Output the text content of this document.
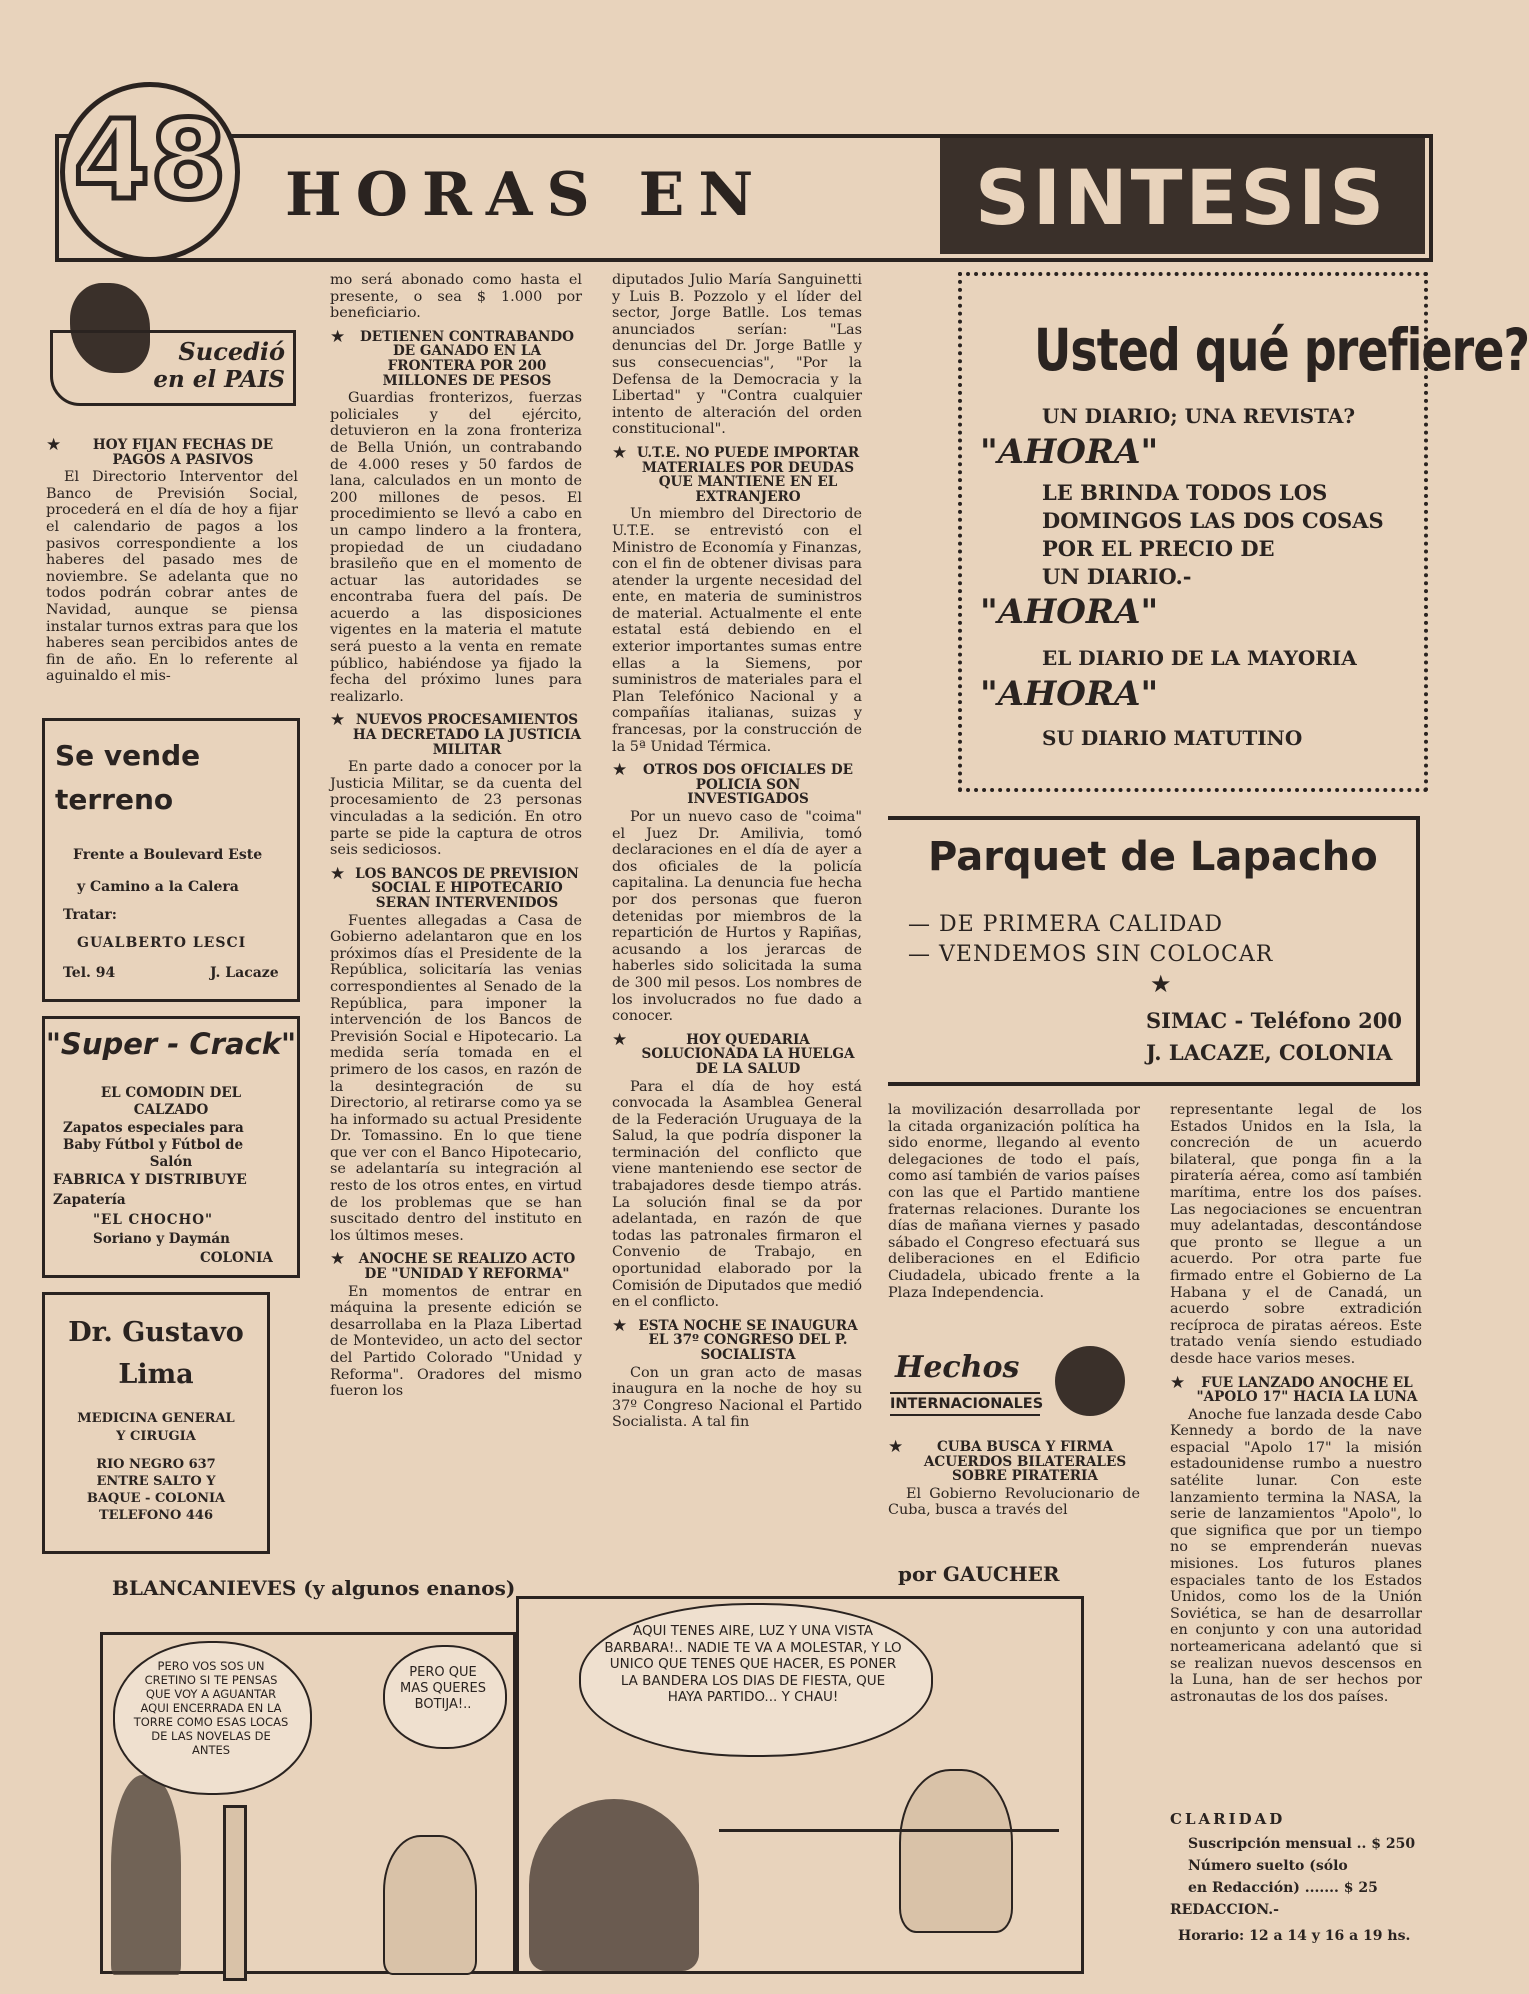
48 HORAS EN	SINTESIS
Sucedió
en el PAIS
★ HOY FIJAN FECHAS DE PAGOS A PASIVOS

El Directorio Interventor del Banco de Previsión Social, procederá en el día de hoy a fijar el calendario de pagos a los pasivos correspondiente a los haberes del pasado mes de noviembre. Se adelanta que no todos podrán cobrar antes de Navidad, aunque se piensa instalar turnos extras para que los haberes sean percibidos antes de fin de año. En lo referente al aguinaldo el mis-

Se vende
terreno
Frente a Boulevard Este
y Camino a la Calera
Tratar:
GUALBERTO LESCI
Tel. 94	J. Lacaze
"Super - Crack"
EL COMODIN DEL
CALZADO
Zapatos especiales para
Baby Fútbol y Fútbol de
Salón
FABRICA Y DISTRIBUYE
Zapatería
"EL CHOCHO"
Soriano y Daymán
COLONIA
Dr. Gustavo
Lima
MEDICINA GENERAL
Y CIRUGIA
RIO NEGRO 637
ENTRE SALTO Y
BAQUE - COLONIA
TELEFONO 446

mo será abonado como hasta el presente, o sea $ 1.000 por beneficiario.

★ DETIENEN CONTRABANDO DE GANADO EN LA FRONTERA POR 200 MILLONES DE PESOS

Guardias fronterizos, fuerzas policiales y del ejército, detuvieron en la zona fronteriza de Bella Unión, un contrabando de 4.000 reses y 50 fardos de lana, calculados en un monto de 200 millones de pesos. El procedimiento se llevó a cabo en un campo lindero a la frontera, propiedad de un ciudadano brasileño que en el momento de actuar las autoridades se encontraba fuera del país. De acuerdo a las disposiciones vigentes en la materia el matute será puesto a la venta en remate público, habiéndose ya fijado la fecha del próximo lunes para realizarlo.

★ NUEVOS PROCESAMIENTOS HA DECRETADO LA JUSTICIA MILITAR

En parte dado a conocer por la Justicia Militar, se da cuenta del procesamiento de 23 personas vinculadas a la sedición. En otro parte se pide la captura de otros seis sediciosos.

★ LOS BANCOS DE PREVISION SOCIAL E HIPOTECARIO SERAN INTERVENIDOS

Fuentes allegadas a Casa de Gobierno adelantaron que en los próximos días el Presidente de la República, solicitaría las venias correspondientes al Senado de la República, para imponer la intervención de los Bancos de Previsión Social e Hipotecario. La medida sería tomada en el primero de los casos, en razón de la desintegración de su Directorio, al retirarse como ya se ha informado su actual Presidente Dr. Tomassino. En lo que tiene que ver con el Banco Hipotecario, se adelantaría su integración al resto de los otros entes, en virtud de los problemas que se han suscitado dentro del instituto en los últimos meses.

★ ANOCHE SE REALIZO ACTO DE "UNIDAD Y REFORMA"

En momentos de entrar en máquina la presente edición se desarrollaba en la Plaza Libertad de Montevideo, un acto del sector del Partido Colorado "Unidad y Reforma". Oradores del mismo fueron los

diputados Julio María Sanguinetti y Luis B. Pozzolo y el líder del sector, Jorge Batlle. Los temas anunciados serían: "Las denuncias del Dr. Jorge Batlle y sus consecuencias", "Por la Defensa de la Democracia y la Libertad" y "Contra cualquier intento de alteración del orden constitucional".

★ U.T.E. NO PUEDE IMPORTAR MATERIALES POR DEUDAS QUE MANTIENE EN EL EXTRANJERO

Un miembro del Directorio de U.T.E. se entrevistó con el Ministro de Economía y Finanzas, con el fin de obtener divisas para atender la urgente necesidad del ente, en materia de suministros de material. Actualmente el ente estatal está debiendo en el exterior importantes sumas entre ellas a la Siemens, por suministros de materiales para el Plan Telefónico Nacional y a compañías italianas, suizas y francesas, por la construcción de la 5ª Unidad Térmica.

★ OTROS DOS OFICIALES DE POLICIA SON INVESTIGADOS

Por un nuevo caso de "coima" el Juez Dr. Amilivia, tomó declaraciones en el día de ayer a dos oficiales de la policía capitalina. La denuncia fue hecha por dos personas que fueron detenidas por miembros de la repartición de Hurtos y Rapiñas, acusando a los jerarcas de haberles sido solicitada la suma de 300 mil pesos. Los nombres de los involucrados no fue dado a conocer.

★	HOY QUEDARIA SOLUCIONADA LA HUELGA DE LA SALUD

Para el día de hoy está convocada la Asamblea General de la Federación Uruguaya de la Salud, la que podría disponer la terminación del conflicto que viene manteniendo ese sector de trabajadores desde tiempo atrás. La solución final se da por adelantada, en razón de que todas las patronales firmaron el Convenio de Trabajo, en oportunidad elaborado por la Comisión de Diputados que medió en el conflicto.

★ ESTA NOCHE SE INAUGURA EL 37º CONGRESO DEL P. SOCIALISTA

Con un gran acto de masas inaugura en la noche de hoy su 37º Congreso Nacional el Partido Socialista. A tal fin

Usted qué prefiere?
UN DIARIO; UNA REVISTA?
"AHORA"
LE BRINDA TODOS LOS
DOMINGOS LAS DOS COSAS
POR EL PRECIO DE
UN DIARIO.-
"AHORA"
EL DIARIO DE LA MAYORIA
"AHORA"
SU DIARIO MATUTINO
Parquet de Lapacho
— DE PRIMERA CALIDAD
— VENDEMOS SIN COLOCAR
★
SIMAC - Teléfono 200
J. LACAZE, COLONIA

la movilización desarrollada por la citada organización política ha sido enorme, llegando al evento delegaciones de todo el país, como así también de varios países con las que el Partido mantiene fraternas relaciones. Durante los días de mañana viernes y pasado sábado el Congreso efectuará sus deliberaciones en el Edificio Ciudadela, ubicado frente a la Plaza Independencia.

Hechos
INTERNACIONALES
★ CUBA BUSCA Y FIRMA ACUERDOS BILATERALES SOBRE PIRATERIA

El Gobierno Revolucionario de Cuba, busca a través del

representante legal de los Estados Unidos en la Isla, la concreción de un acuerdo bilateral, que ponga fin a la piratería aérea, como así también marítima, entre los dos países. Las negociaciones se encuentran muy adelantadas, descontándose que pronto se llegue a un acuerdo. Por otra parte fue firmado entre el Gobierno de La Habana y el de Canadá, un acuerdo sobre extradición recíproca de piratas aéreos. Este tratado venía siendo estudiado desde hace varios meses.

★ FUE LANZADO ANOCHE EL "APOLO 17" HACIA LA LUNA

Anoche fue lanzada desde Cabo Kennedy a bordo de la nave espacial "Apolo 17" la misión estadounidense rumbo a nuestro satélite lunar. Con este lanzamiento termina la NASA, la serie de lanzamientos "Apolo", lo que significa que por un tiempo no se emprenderán nuevas misiones. Los futuros planes espaciales tanto de los Estados Unidos, como los de la Unión Soviética, se han de desarrollar en conjunto y con una autoridad norteamericana adelantó que si se realizan nuevos descensos en la Luna, han de ser hechos por astronautas de los dos países.

CLARIDAD
Suscripción mensual .. $ 250
Número suelto (sólo
en Redacción) ....... $ 25
REDACCION.-
Horario: 12 a 14 y 16 a 19 hs.
BLANCANIEVES (y algunos enanos)
por GAUCHER
PERO VOS SOS UN CRETINO SI TE PENSAS QUE VOY A AGUANTAR AQUI ENCERRADA EN LA TORRE COMO ESAS LOCAS DE LAS NOVELAS DE ANTES
PERO QUE MAS QUERES BOTIJA!..
AQUI TENES AIRE, LUZ Y UNA VISTA BARBARA!.. NADIE TE VA A MOLESTAR, Y LO UNICO QUE TENES QUE HACER, ES PONER LA BANDERA LOS DIAS DE FIESTA, QUE HAYA PARTIDO... Y CHAU!
